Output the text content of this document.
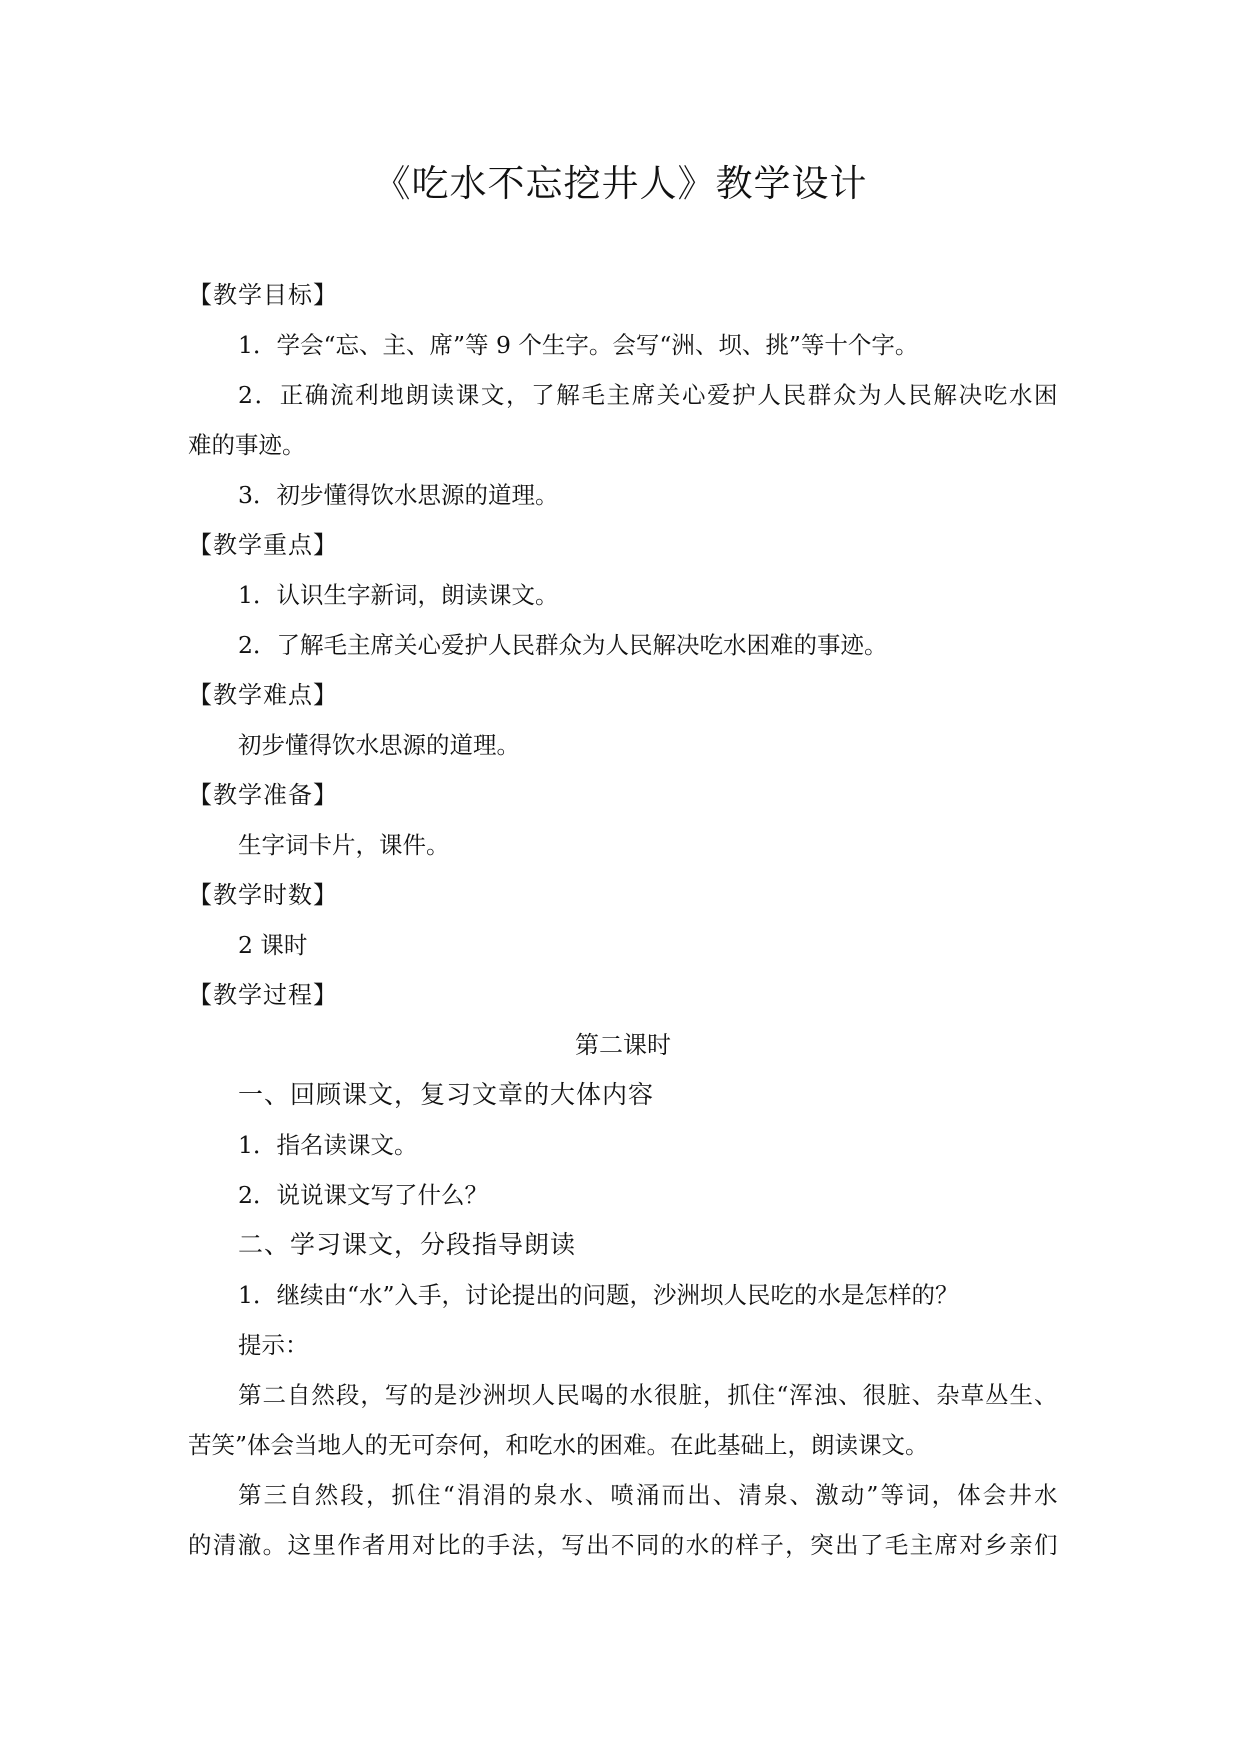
《吃水不忘挖井人》教学设计
【教学目标】
1．学会“忘、主、席”等 9 个生字。会写“洲、坝、挑”等十个字。
2．正确流利地朗读课文，了解毛主席关心爱护人民群众为人民解决吃水困
难的事迹。
3．初步懂得饮水思源的道理。
【教学重点】
1．认识生字新词，朗读课文。
2．了解毛主席关心爱护人民群众为人民解决吃水困难的事迹。
【教学难点】
初步懂得饮水思源的道理。
【教学准备】
生字词卡片，课件。
【教学时数】
2 课时
【教学过程】
第二课时
一、回顾课文，复习文章的大体内容
1．指名读课文。
2．说说课文写了什么？
二、学习课文，分段指导朗读
1．继续由“水”入手，讨论提出的问题，沙洲坝人民吃的水是怎样的？
提示：
第二自然段，写的是沙洲坝人民喝的水很脏，抓住“浑浊、很脏、杂草丛生、
苦笑”体会当地人的无可奈何，和吃水的困难。在此基础上，朗读课文。
第三自然段，抓住“涓涓的泉水、喷涌而出、清泉、激动”等词，体会井水
的清澈。这里作者用对比的手法，写出不同的水的样子，突出了毛主席对乡亲们
